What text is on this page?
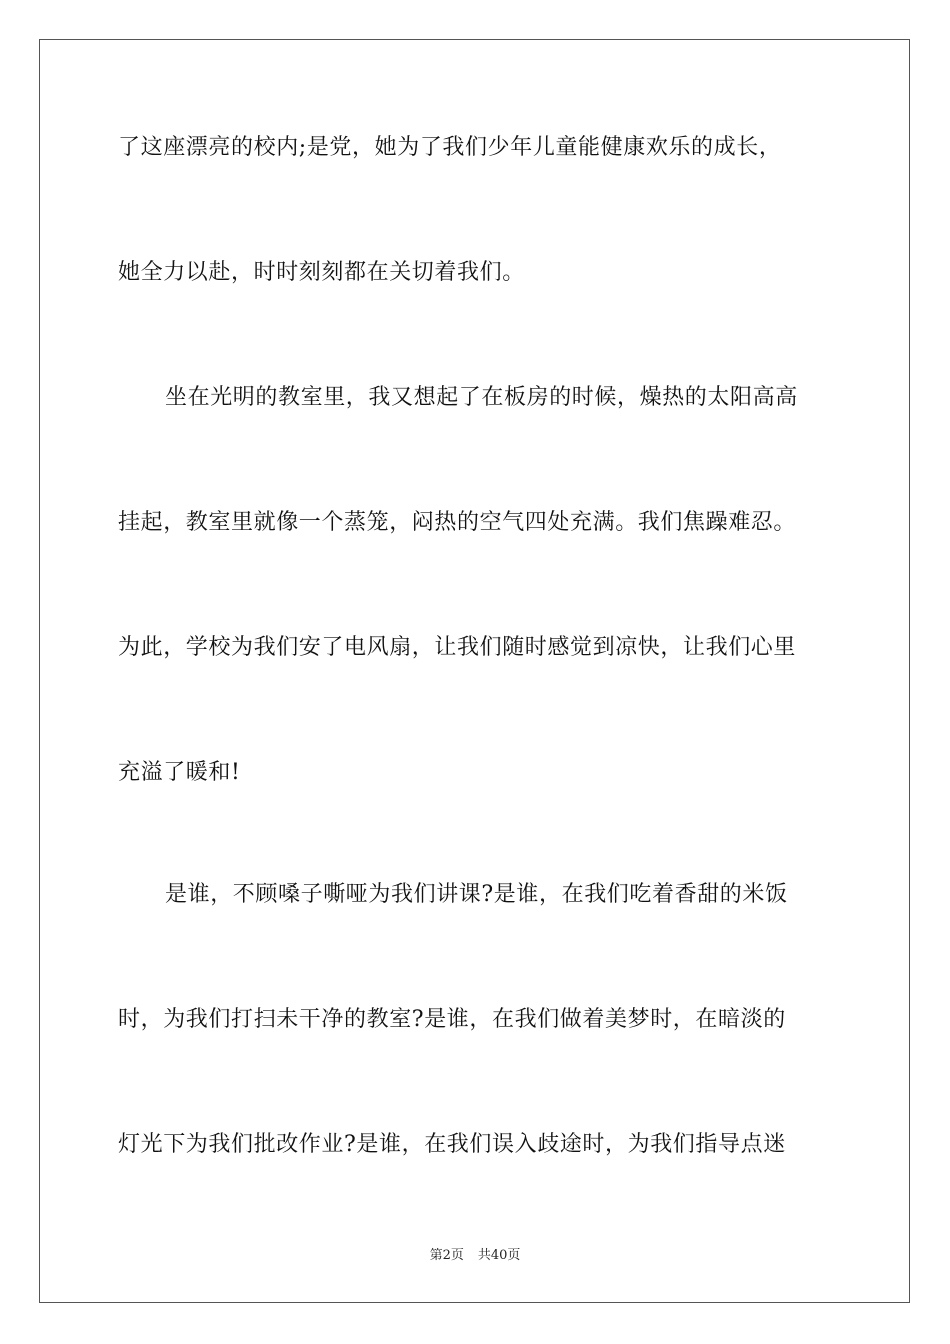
了这座漂亮的校内;是党，她为了我们少年儿童能健康欢乐的成长，
她全力以赴，时时刻刻都在关切着我们。
坐在光明的教室里，我又想起了在板房的时候，燥热的太阳高高
挂起，教室里就像一个蒸笼，闷热的空气四处充满。我们焦躁难忍。
为此，学校为我们安了电风扇，让我们随时感觉到凉快，让我们心里
充溢了暖和!
是谁，不顾嗓子嘶哑为我们讲课?是谁，在我们吃着香甜的米饭
时，为我们打扫未干净的教室?是谁，在我们做着美梦时，在暗淡的
灯光下为我们批改作业?是谁，在我们误入歧途时，为我们指导点迷
第2页 共40页
